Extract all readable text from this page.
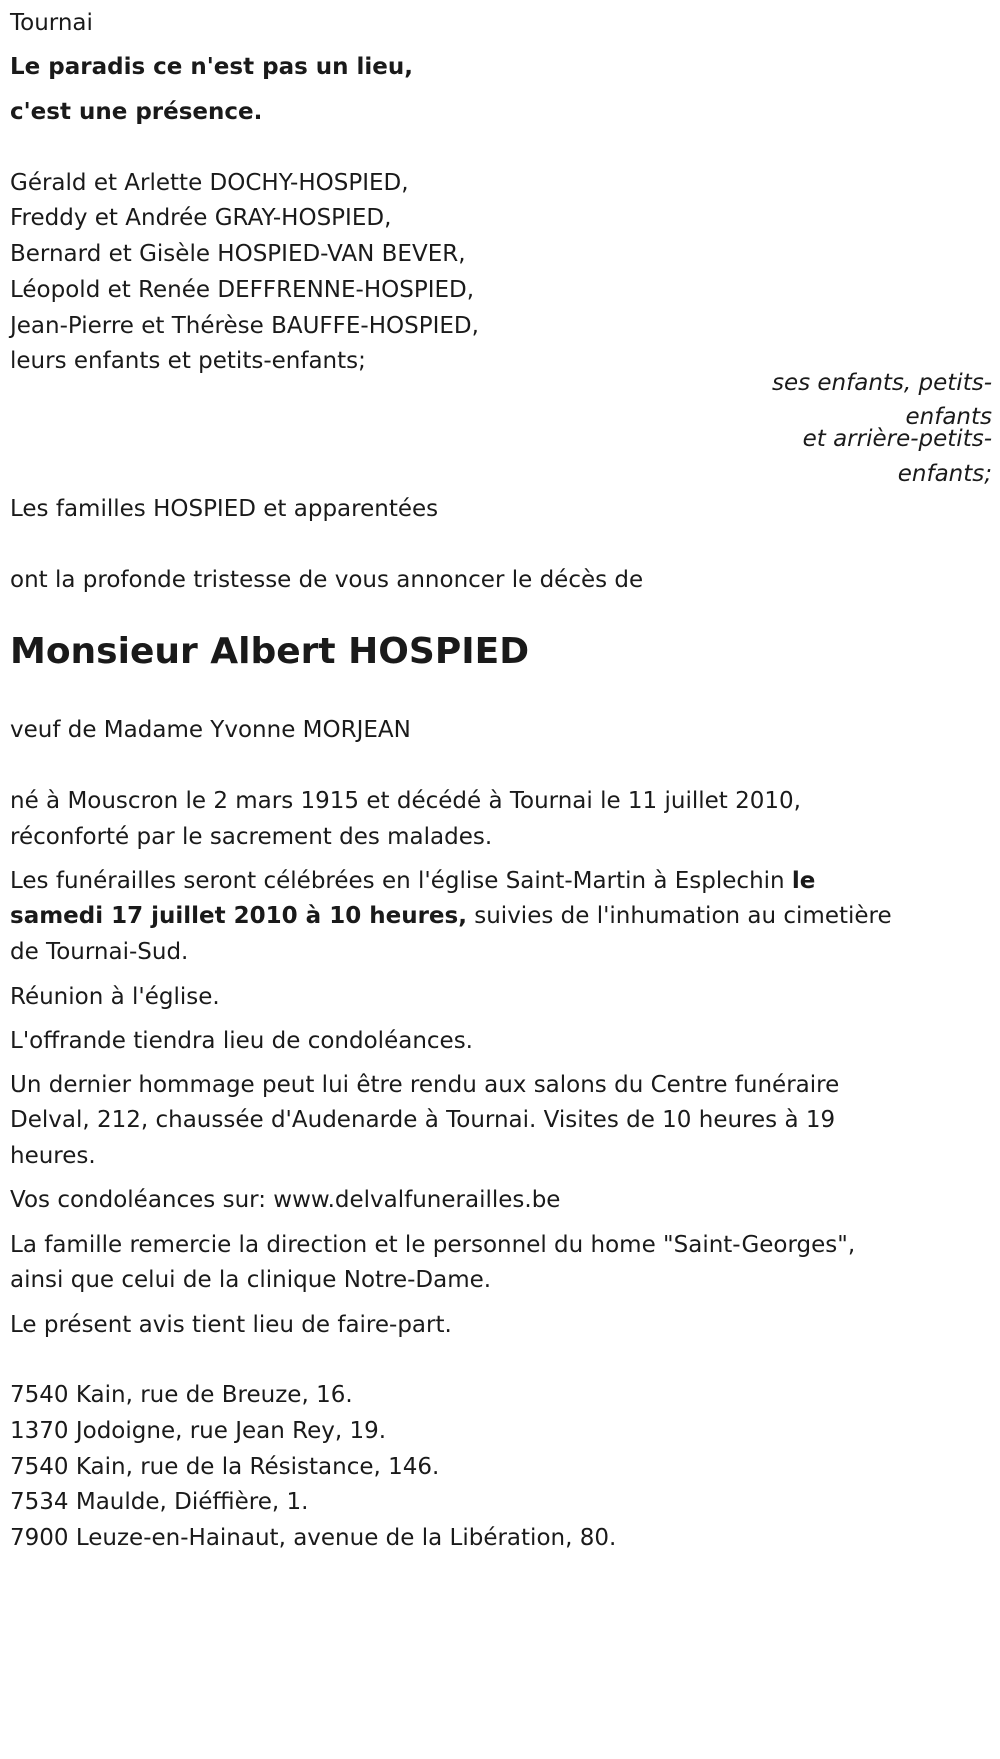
Tournai
Le paradis ce n'est pas un lieu,
c'est une présence.
Gérald et Arlette DOCHY-HOSPIED,
Freddy et Andrée GRAY-HOSPIED,
Bernard et Gisèle HOSPIED-VAN BEVER,
Léopold et Renée DEFFRENNE-HOSPIED,
Jean-Pierre et Thérèse BAUFFE-HOSPIED,
leurs enfants et petits-enfants;
ses enfants, petits-
enfants
et arrière-petits-
enfants;
Les familles HOSPIED et apparentées
ont la profonde tristesse de vous annoncer le décès de
Monsieur Albert HOSPIED
veuf de Madame Yvonne MORJEAN
né à Mouscron le 2 mars 1915 et décédé à Tournai le 11 juillet 2010,
réconforté par le sacrement des malades.
Les funérailles seront célébrées en l'église Saint-Martin à Esplechin le
samedi 17 juillet 2010 à 10 heures, suivies de l'inhumation au cimetière
de Tournai-Sud.
Réunion à l'église.
L'offrande tiendra lieu de condoléances.
Un dernier hommage peut lui être rendu aux salons du Centre funéraire
Delval, 212, chaussée d'Audenarde à Tournai. Visites de 10 heures à 19
heures.
Vos condoléances sur: www.delvalfunerailles.be
La famille remercie la direction et le personnel du home "Saint-Georges",
ainsi que celui de la clinique Notre-Dame.
Le présent avis tient lieu de faire-part.
7540 Kain, rue de Breuze, 16.
1370 Jodoigne, rue Jean Rey, 19.
7540 Kain, rue de la Résistance, 146.
7534 Maulde, Diéffière, 1.
7900 Leuze-en-Hainaut, avenue de la Libération, 80.
